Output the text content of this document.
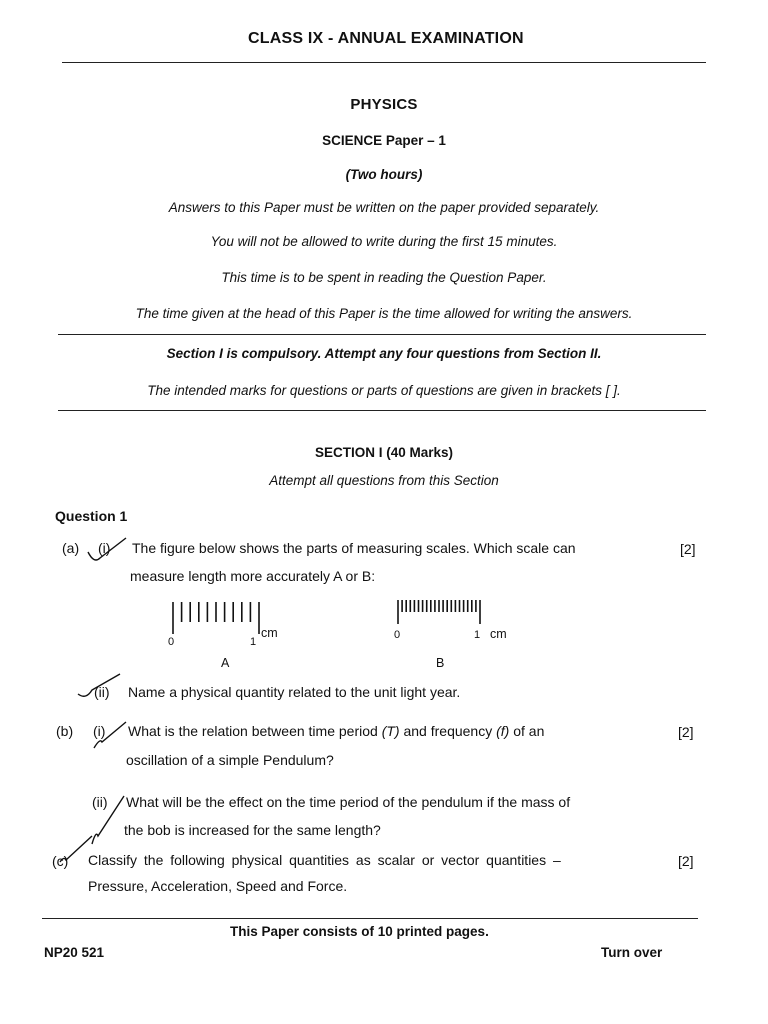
CLASS IX - ANNUAL EXAMINATION
PHYSICS
SCIENCE Paper – 1
(Two hours)
Answers to this Paper must be written on the paper provided separately.
You will not be allowed to write during the first 15 minutes.
This time is to be spent in reading the Question Paper.
The time given at the head of this Paper is the time allowed for writing the answers.
Section I is compulsory. Attempt any four questions from Section II.
The intended marks for questions or parts of questions are given in brackets [ ].
SECTION I (40 Marks)
Attempt all questions from this Section
Question 1
(a) (i) The figure below shows the parts of measuring scales. Which scale can	[2]
measure length more accurately A or B:
0	1
cm
A
0	1 cm
B
(ii) Name a physical quantity related to the unit light year.
(b) (i) What is the relation between time period (T) and frequency (f) of an	[2]
oscillation of a simple Pendulum?
(ii) What will be the effect on the time period of the pendulum if the mass of
the bob is increased for the same length?
(c) Classify the following physical quantities as scalar or vector quantities –	[2]
Pressure, Acceleration, Speed and Force.
This Paper consists of 10 printed pages.
NP20 521	Turn over
